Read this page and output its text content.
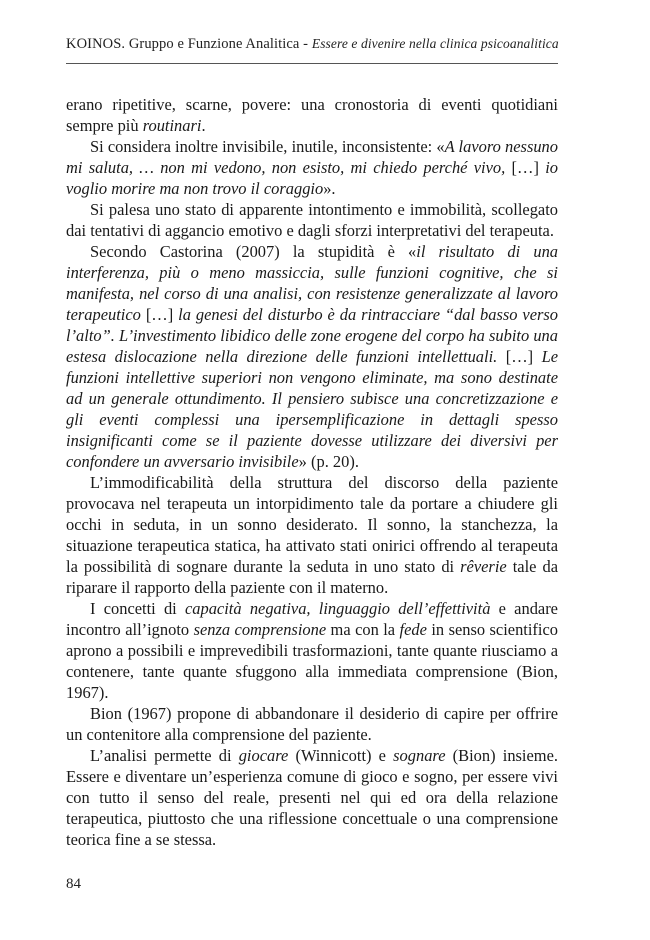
KOINOS. Gruppo e Funzione Analitica - Essere e divenire nella clinica psicoanalitica

erano ripetitive, scarne, povere: una cronostoria di eventi quotidiani sempre più routinari.

Si considera inoltre invisibile, inutile, inconsistente: «A lavoro nessuno mi saluta, … non mi vedono, non esisto, mi chiedo perché vivo, […] io voglio morire ma non trovo il coraggio».

Si palesa uno stato di apparente intontimento e immobilità, scollegato dai tentativi di aggancio emotivo e dagli sforzi interpretativi del terapeuta.

Secondo Castorina (2007) la stupidità è «il risultato di una interferenza, più o meno massiccia, sulle funzioni cognitive, che si manifesta, nel corso di una analisi, con resistenze generalizzate al lavoro terapeutico […] la genesi del disturbo è da rintracciare “dal basso verso l’alto”. L’investimento libidico delle zone erogene del corpo ha subito una estesa dislocazione nella direzione delle funzioni intellettuali. […] Le funzioni intellettive superiori non vengono eliminate, ma sono destinate ad un generale ottundimento. Il pensiero subisce una concretizzazione e gli eventi complessi una ipersemplificazione in dettagli spesso insignificanti come se il paziente dovesse utilizzare dei diversivi per confondere un avversario invisibile» (p. 20).

L’immodificabilità della struttura del discorso della paziente provocava nel terapeuta un intorpidimento tale da portare a chiudere gli occhi in seduta, in un sonno desiderato. Il sonno, la stanchezza, la situazione terapeutica statica, ha attivato stati onirici offrendo al terapeuta la possibilità di sognare durante la seduta in uno stato di rêverie tale da riparare il rapporto della paziente con il materno.

I concetti di capacità negativa, linguaggio dell’effettività e andare incontro all’ignoto senza comprensione ma con la fede in senso scientifico aprono a possibili e imprevedibili trasformazioni, tante quante riusciamo a contenere, tante quante sfuggono alla immediata comprensione (Bion, 1967).

Bion (1967) propone di abbandonare il desiderio di capire per offrire un contenitore alla comprensione del paziente.

L’analisi permette di giocare (Winnicott) e sognare (Bion) insieme. Essere e diventare un’esperienza comune di gioco e sogno, per essere vivi con tutto il senso del reale, presenti nel qui ed ora della relazione terapeutica, piuttosto che una riflessione concettuale o una comprensione teorica fine a se stessa.

84
